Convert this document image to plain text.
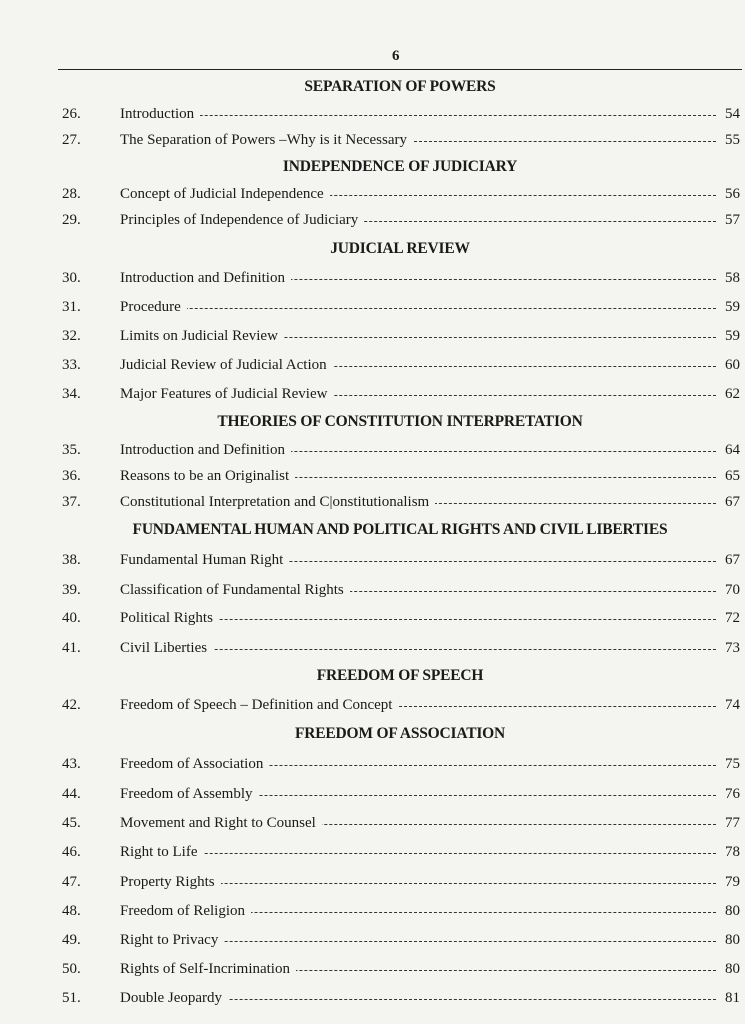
6
SEPARATION OF POWERS
26.	Introduction	54
27.	The Separation of Powers –Why is it Necessary	55
INDEPENDENCE OF JUDICIARY
28.	Concept of Judicial Independence	56
29.	Principles of Independence of Judiciary	57
JUDICIAL REVIEW
30.	Introduction and Definition	58
31.	Procedure	59
32.	Limits on Judicial Review	59
33.	Judicial Review of Judicial Action	60
34.	Major Features of Judicial Review	62
THEORIES OF CONSTITUTION INTERPRETATION
35.	Introduction and Definition	64
36.	Reasons to be an Originalist	65
37.	Constitutional Interpretation and C|onstitutionalism	67
FUNDAMENTAL HUMAN AND POLITICAL RIGHTS AND CIVIL LIBERTIES
38.	Fundamental Human Right	67
39.	Classification of Fundamental Rights	70
40.	Political Rights	72
41.	Civil Liberties	73
FREEDOM OF SPEECH
42.	Freedom of Speech – Definition and Concept	74
FREEDOM OF ASSOCIATION
43.	Freedom of Association	75
44.	Freedom of Assembly	76
45.	Movement and Right to Counsel	77
46.	Right to Life	78
47.	Property Rights	79
48.	Freedom of Religion	80
49.	Right to Privacy	80
50.	Rights of Self-Incrimination	80
51.	Double Jeopardy	81
